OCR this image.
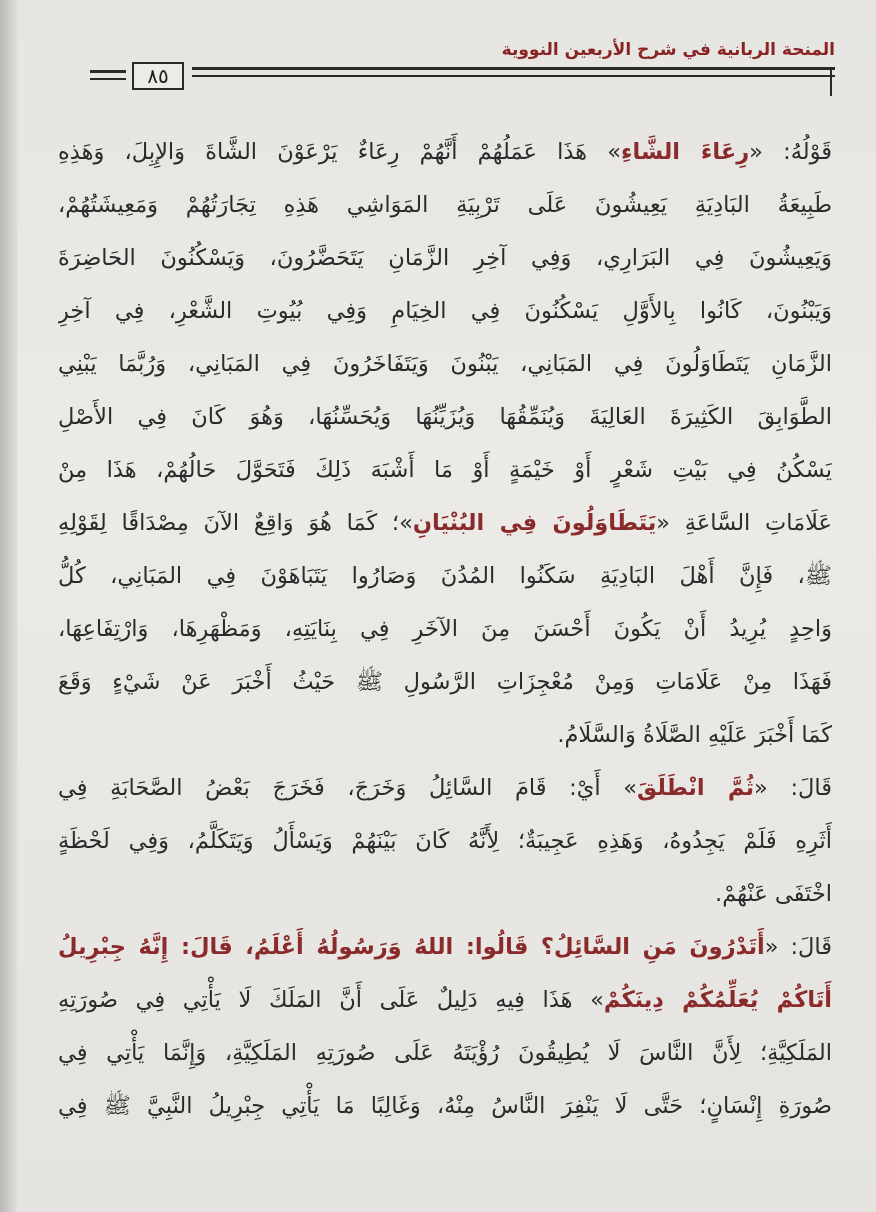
المنحة الربانية في شرح الأربعين النووية
٨٥
قَوْلُهُ: «رِعَاءَ الشَّاءِ» هَذَا عَمَلُهُمْ أَنَّهُمْ رِعَاءٌ يَرْعَوْنَ الشَّاةَ وَالإِبِلَ، وَهَذِهِ
طَبِيعَةُ البَادِيَةِ يَعِيشُونَ عَلَى تَرْبِيَةِ المَوَاشِي هَذِهِ تِجَارَتُهُمْ وَمَعِيشَتُهُمْ،
وَيَعِيشُونَ فِي البَرَارِي، وَفِي آخِرِ الزَّمَانِ يَتَحَضَّرُونَ، وَيَسْكُنُونَ الحَاضِرَةَ
وَيَبْنُونَ، كَانُوا بِالأَوَّلِ يَسْكُنُونَ فِي الخِيَامِ وَفِي بُيُوتِ الشَّعْرِ، فِي آخِرِ
الزَّمَانِ يَتَطَاوَلُونَ فِي المَبَانِي، يَبْنُونَ وَيَتَفَاخَرُونَ فِي المَبَانِي، وَرُبَّمَا يَبْنِي
الطَّوَابِقَ الكَثِيرَةَ العَالِيَةَ وَيُنَمِّقُهَا وَيُزَيِّنُهَا وَيُحَسِّنُهَا، وَهُوَ كَانَ فِي الأَصْلِ
يَسْكُنُ فِي بَيْتِ شَعْرٍ أَوْ خَيْمَةٍ أَوْ مَا أَشْبَهَ ذَلِكَ فَتَحَوَّلَ حَالُهُمْ، هَذَا مِنْ
عَلَامَاتِ السَّاعَةِ «يَتَطَاوَلُونَ فِي البُنْيَانِ»؛ كَمَا هُوَ وَاقِعٌ الآنَ مِصْدَاقًا لِقَوْلِهِ
ﷺ، فَإِنَّ أَهْلَ البَادِيَةِ سَكَنُوا المُدُنَ وَصَارُوا يَتَبَاهَوْنَ فِي المَبَانِي، كُلُّ
وَاحِدٍ يُرِيدُ أَنْ يَكُونَ أَحْسَنَ مِنَ الآخَرِ فِي بِنَايَتِهِ، وَمَظْهَرِهَا، وَارْتِفَاعِهَا،
فَهَذَا مِنْ عَلَامَاتِ وَمِنْ مُعْجِزَاتِ الرَّسُولِ ﷺ حَيْثُ أَخْبَرَ عَنْ شَيْءٍ وَقَعَ
كَمَا أَخْبَرَ عَلَيْهِ الصَّلَاةُ وَالسَّلَامُ.
قَالَ: «ثُمَّ انْطَلَقَ» أَيْ: قَامَ السَّائِلُ وَخَرَجَ، فَخَرَجَ بَعْضُ الصَّحَابَةِ فِي
أَثَرِهِ فَلَمْ يَجِدُوهُ، وَهَذِهِ عَجِيبَةٌ؛ لِأَنَّهُ كَانَ بَيْنَهُمْ وَيَسْأَلُ وَيَتَكَلَّمُ، وَفِي لَحْظَةٍ
اخْتَفَى عَنْهُمْ.
قَالَ: «أَتَدْرُونَ مَنِ السَّائِلُ؟ قَالُوا: اللهُ وَرَسُولُهُ أَعْلَمُ، قَالَ: إِنَّهُ جِبْرِيلُ
أَتَاكُمْ يُعَلِّمُكُمْ دِينَكُمْ» هَذَا فِيهِ دَلِيلٌ عَلَى أَنَّ المَلَكَ لَا يَأْتِي فِي صُورَتِهِ
المَلَكِيَّةِ؛ لِأَنَّ النَّاسَ لَا يُطِيقُونَ رُؤْيَتَهُ عَلَى صُورَتِهِ المَلَكِيَّةِ، وَإِنَّمَا يَأْتِي فِي
صُورَةِ إِنْسَانٍ؛ حَتَّى لَا يَنْفِرَ النَّاسُ مِنْهُ، وَغَالِبًا مَا يَأْتِي جِبْرِيلُ النَّبِيَّ ﷺ فِي
